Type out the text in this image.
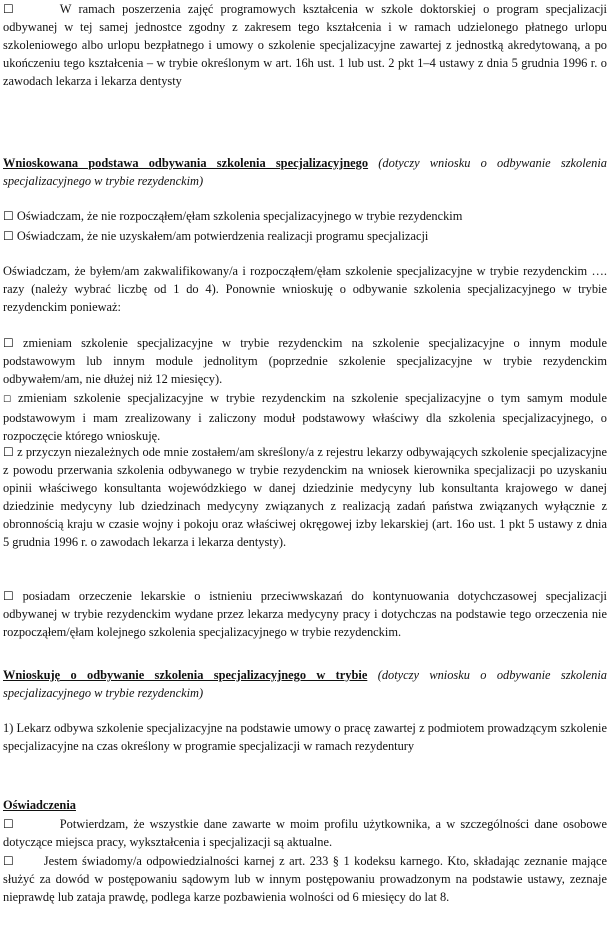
☐	W ramach poszerzenia zajęć programowych kształcenia w szkole doktorskiej o program specjalizacji odbywanej w tej samej jednostce zgodny z zakresem tego kształcenia i w ramach udzielonego płatnego urlopu szkoleniowego albo urlopu bezpłatnego i umowy o szkolenie specjalizacyjne zawartej z jednostką akredytowaną, a po ukończeniu tego kształcenia – w trybie określonym w art. 16h ust. 1 lub ust. 2 pkt 1–4 ustawy z dnia 5 grudnia 1996 r. o zawodach lekarza i lekarza dentysty
Wnioskowana podstawa odbywania szkolenia specjalizacyjnego (dotyczy wniosku o odbywanie szkolenia specjalizacyjnego w trybie rezydenckim)
☐ Oświadczam, że nie rozpocząłem/ęłam szkolenia specjalizacyjnego w trybie rezydenckim
☐ Oświadczam, że nie uzyskałem/am potwierdzenia realizacji programu specjalizacji
Oświadczam, że byłem/am zakwalifikowany/a i rozpocząłem/ęłam szkolenie specjalizacyjne w trybie rezydenckim …. razy (należy wybrać liczbę od 1 do 4). Ponownie wnioskuję o odbywanie szkolenia specjalizacyjnego w trybie rezydenckim ponieważ:
☐ zmieniam szkolenie specjalizacyjne w trybie rezydenckim na szkolenie specjalizacyjne o innym module podstawowym lub innym module jednolitym (poprzednie szkolenie specjalizacyjne w trybie rezydenckim odbywałem/am, nie dłużej niż 12 miesięcy).
☐ zmieniam szkolenie specjalizacyjne w trybie rezydenckim na szkolenie specjalizacyjne o tym samym module podstawowym i mam zrealizowany i zaliczony moduł podstawowy właściwy dla szkolenia specjalizacyjnego, o rozpoczęcie którego wnioskuję.
☐ z przyczyn niezależnych ode mnie zostałem/am skreślony/a z rejestru lekarzy odbywających szkolenie specjalizacyjne z powodu przerwania szkolenia odbywanego w trybie rezydenckim na wniosek kierownika specjalizacji po uzyskaniu opinii właściwego konsultanta wojewódzkiego w danej dziedzinie medycyny lub konsultanta krajowego w danej dziedzinie medycyny lub dziedzinach medycyny związanych z realizacją zadań państwa związanych wyłącznie z obronnością kraju w czasie wojny i pokoju oraz właściwej okręgowej izby lekarskiej (art. 16o ust. 1 pkt 5 ustawy z dnia 5 grudnia 1996 r. o zawodach lekarza i lekarza dentysty).
☐ posiadam orzeczenie lekarskie o istnieniu przeciwwskazań do kontynuowania dotychczasowej specjalizacji odbywanej w trybie rezydenckim wydane przez lekarza medycyny pracy i dotychczas na podstawie tego orzeczenia nie rozpocząłem/ęłam kolejnego szkolenia specjalizacyjnego w trybie rezydenckim.
Wnioskuję o odbywanie szkolenia specjalizacyjnego w trybie (dotyczy wniosku o odbywanie szkolenia specjalizacyjnego w trybie rezydenckim)
1) Lekarz odbywa szkolenie specjalizacyjne na podstawie umowy o pracę zawartej z podmiotem prowadzącym szkolenie specjalizacyjne na czas określony w programie specjalizacji w ramach rezydentury
Oświadczenia
☐	Potwierdzam, że wszystkie dane zawarte w moim profilu użytkownika, a w szczególności dane osobowe dotyczące miejsca pracy, wykształcenia i specjalizacji są aktualne.
☐ Jestem świadomy/a odpowiedzialności karnej z art. 233 § 1 kodeksu karnego. Kto, składając zeznanie mające służyć za dowód w postępowaniu sądowym lub w innym postępowaniu prowadzonym na podstawie ustawy, zeznaje nieprawdę lub zataja prawdę, podlega karze pozbawienia wolności od 6 miesięcy do lat 8.
